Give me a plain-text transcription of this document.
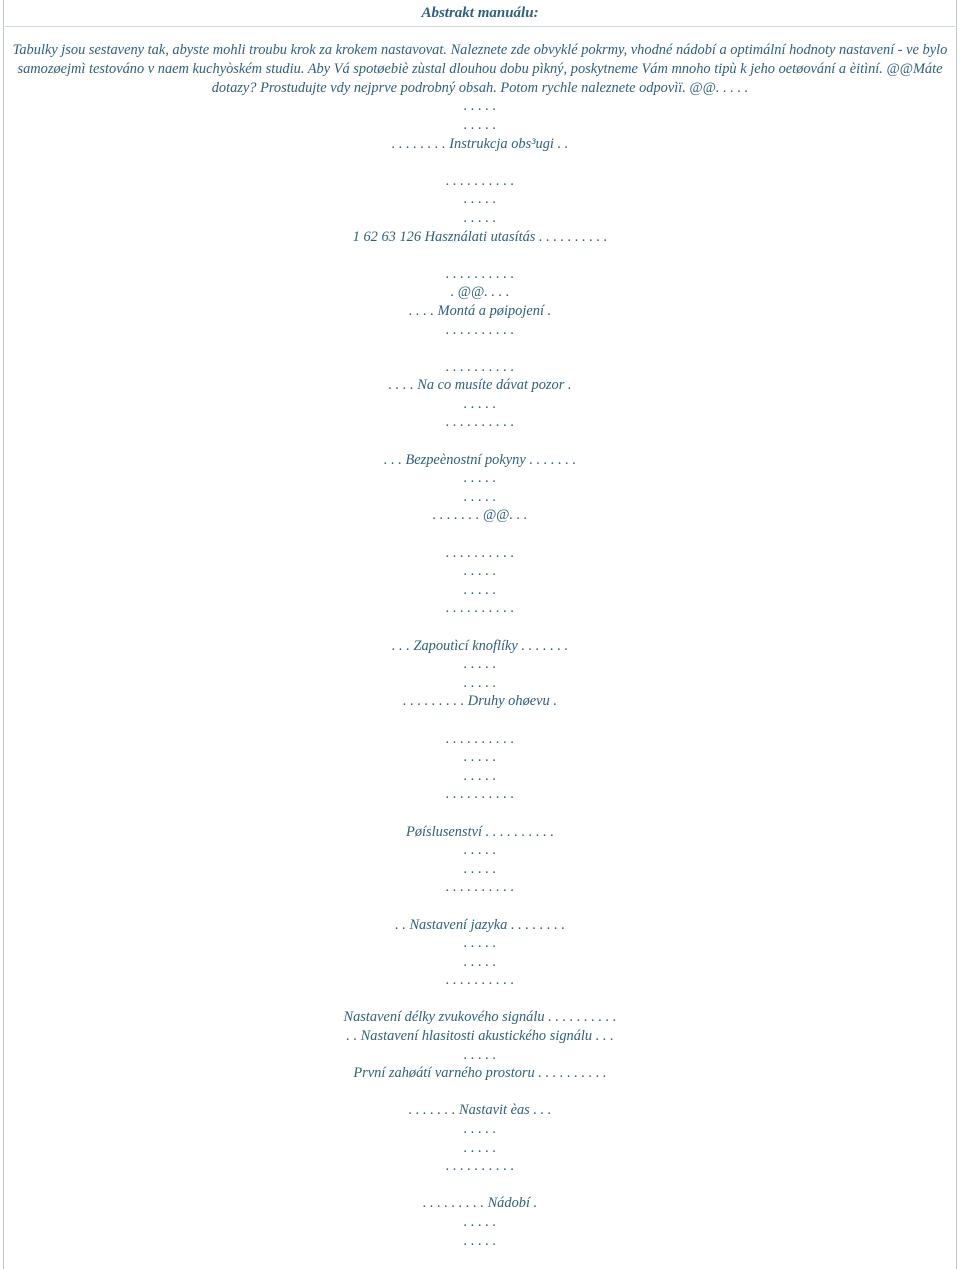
Abstrakt manuálu:
Tabulky jsou sestaveny tak, abyste mohli troubu krok za krokem nastavovat. Naleznete zde obvyklé pokrmy, vhodné nádobí a optimální hodnoty nastavení - ve bylo samozøejmì testováno v naem kuchyòském studiu. Aby Vá spotøebiè zùstal dlouhou dobu pìkný, poskytneme Vám mnoho tipù k jeho oetøování a èitìní. @@Máte dotazy? Prostudujte vdy nejprve podrobný obsah. Potom rychle naleznete odpovìï. @@. . . . .
. . . . .
. . . . .
. . . . . . . . Instrukcja obs³ugi . .
. . . . . . . . . .
. . . . .
. . . . .
1 62 63 126 Használati utasítás . . . . . . . . . .
. . . . . . . . . .
. @@. . . .
. . . . Montá a pøipojení .
. . . . . . . . . .
. . . . . . . . . .
. . . . Na co musíte dávat pozor .
. . . . .
. . . . . . . . . .
. . . Bezpeènostní pokyny . . . . . . .
. . . . .
. . . . .
. . . . . . . @@. . .
. . . . . . . . . .
. . . . .
. . . . .
. . . . . . . . . .
. . . Zapoutìcí knoflíky . . . . . . .
. . . . .
. . . . .
. . . . . . . . . Druhy ohøevu .
. . . . . . . . . .
. . . . .
. . . . .
. . . . . . . . . .
Pøíslusenství . . . . . . . . . .
. . . . .
. . . . .
. . . . . . . . . .
. . Nastavení jazyka . . . . . . . .
. . . . .
. . . . .
. . . . . . . . . .
Nastavení délky zvukového signálu . . . . . . . . . .
. . Nastavení hlasitosti akustického signálu . . .
. . . . .
První zahøátí varného prostoru . . . . . . . . . .
. . . . . . . Nastavit èas . . .
. . . . .
. . . . .
. . . . . . . . . .
. . . . . . . . . Nádobí .
. . . . .
. . . . .
